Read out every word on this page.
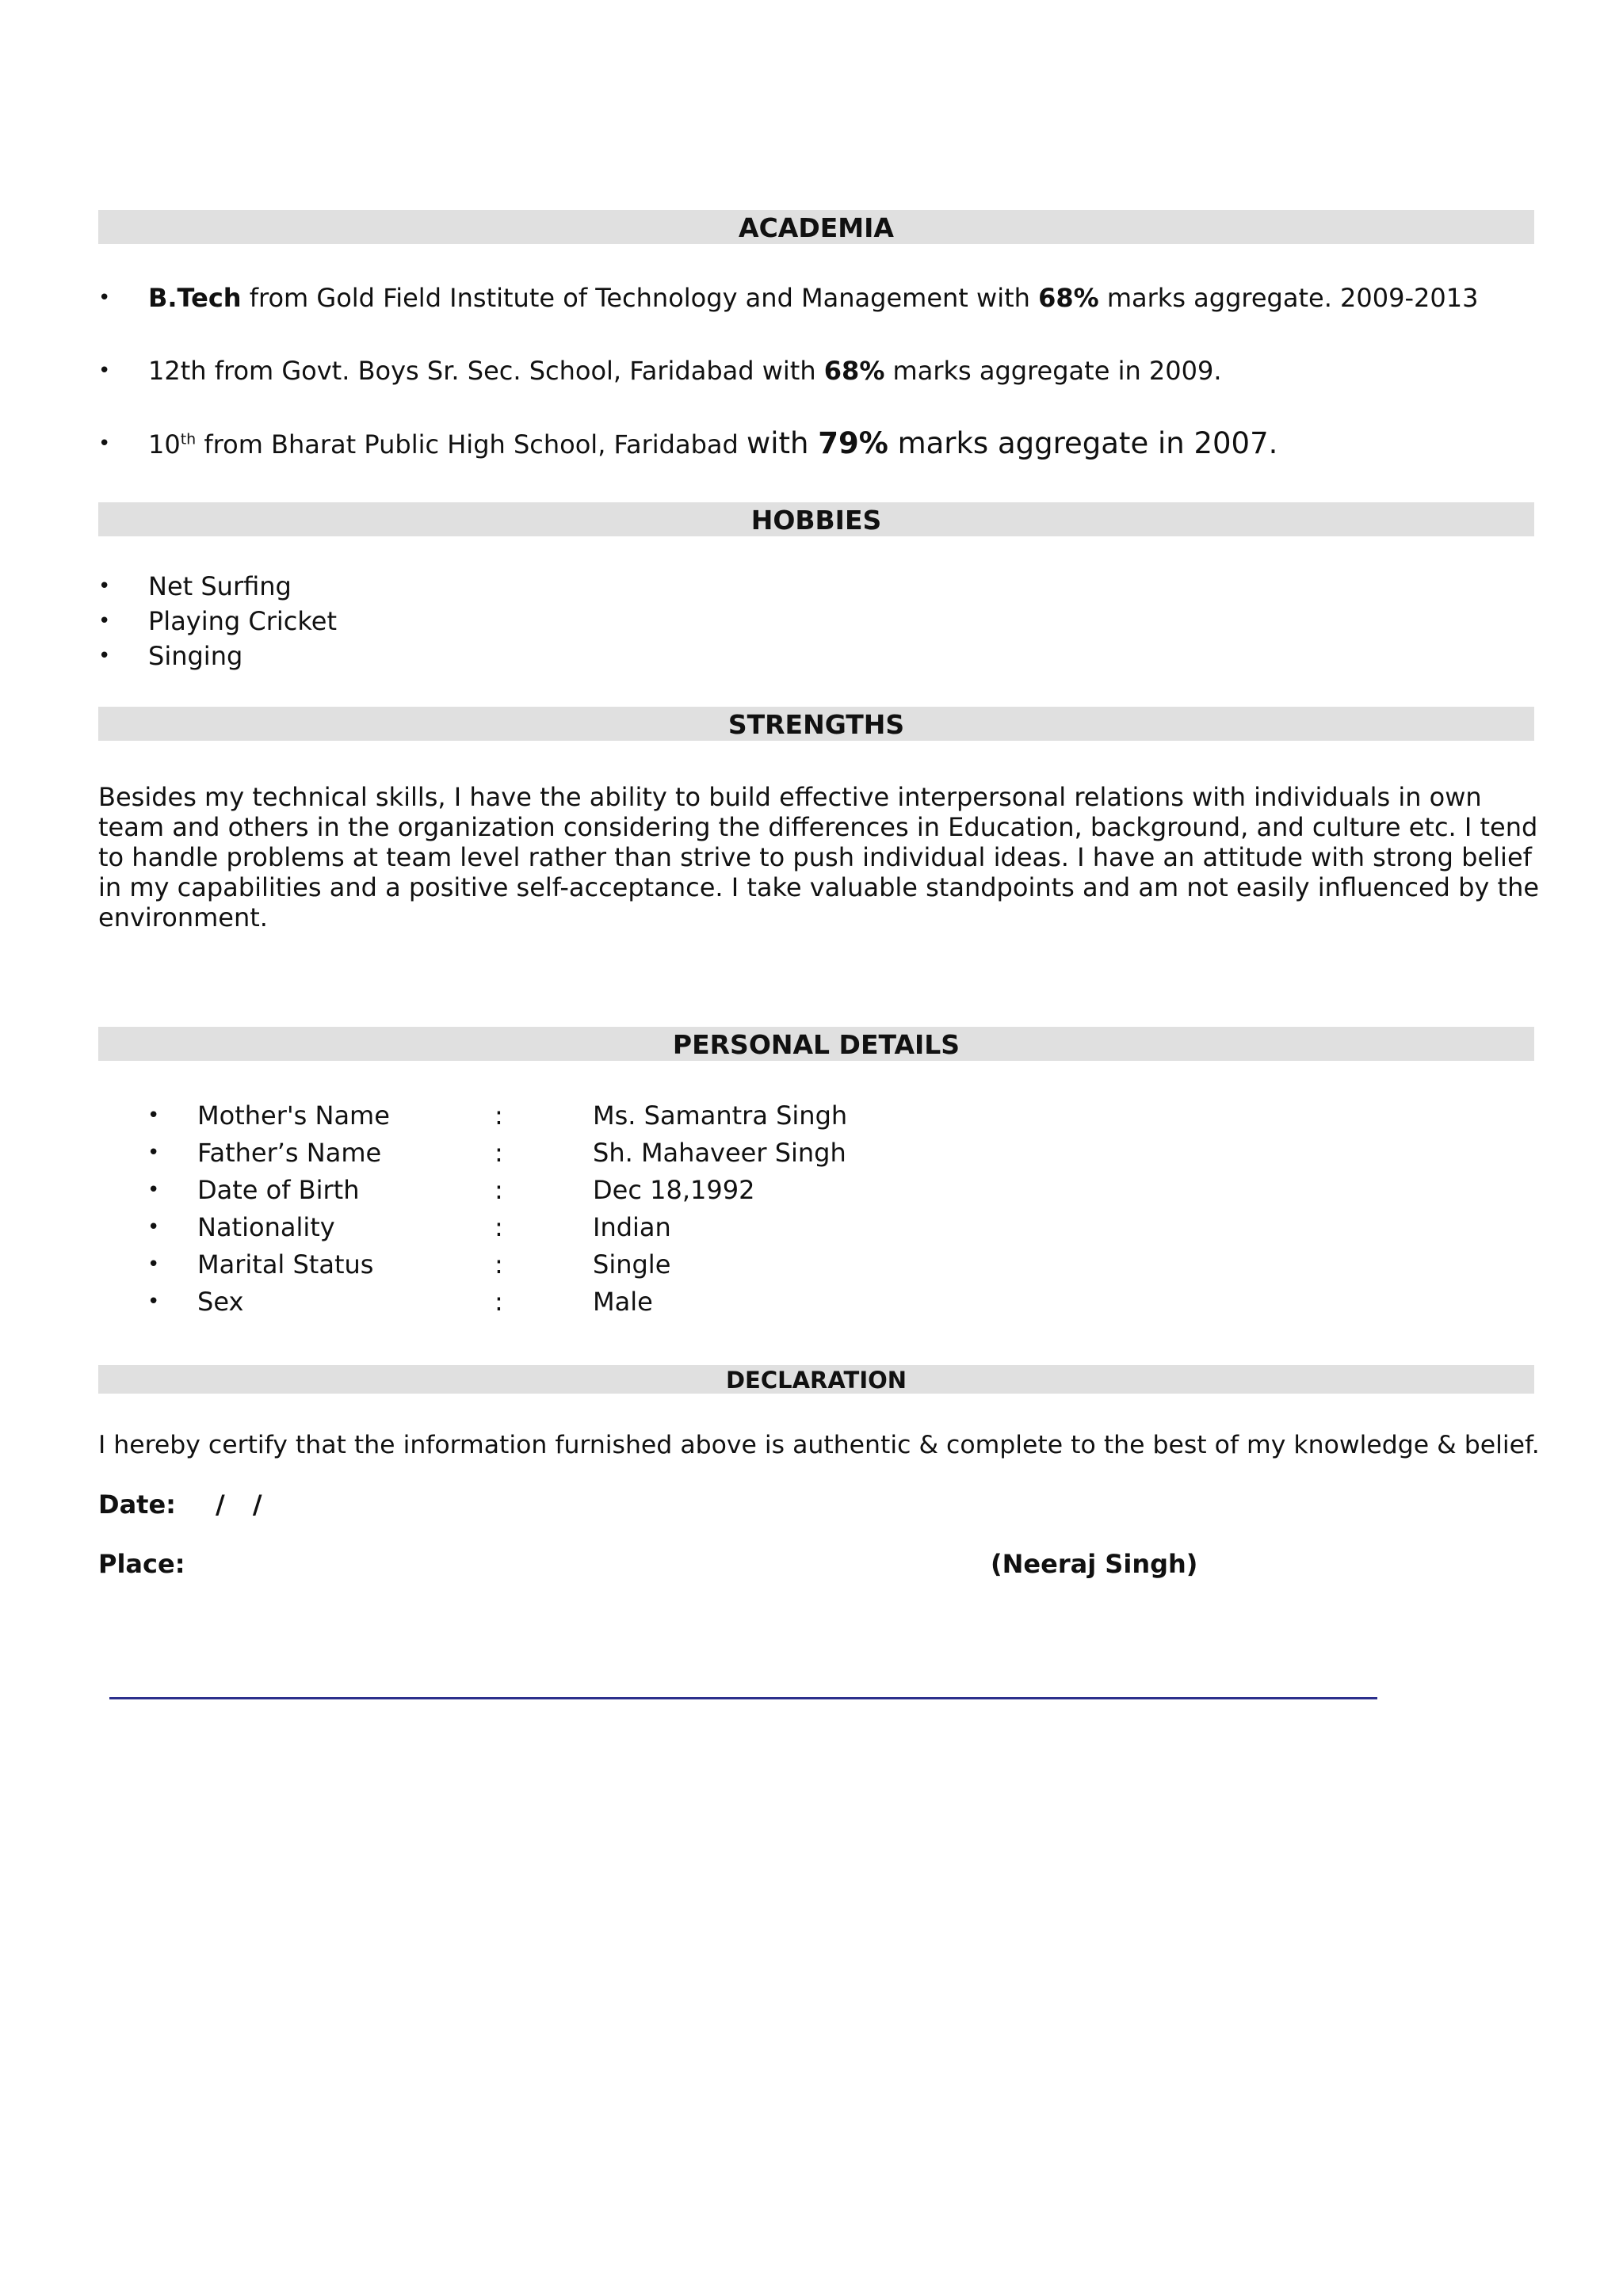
ACADEMIA
• B.Tech from Gold Field Institute of Technology and Management with 68% marks aggregate. 2009-2013
• 12th from Govt. Boys Sr. Sec. School, Faridabad with 68% marks aggregate in 2009.
• 10th from Bharat Public High School, Faridabad with 79% marks aggregate in 2007.
HOBBIES
• Net Surfing
• Playing Cricket
• Singing
STRENGTHS
Besides my technical skills, I have the ability to build effective interpersonal relations with individuals in own team and others in the organization considering the differences in Education, background, and culture etc. I tend to handle problems at team level rather than strive to push individual ideas. I have an attitude with strong belief in my capabilities and a positive self-acceptance. I take valuable standpoints and am not easily influenced by the environment.
PERSONAL DETAILS
• Mother's Name	:	Ms. Samantra Singh
• Father’s Name	:	Sh. Mahaveer Singh
• Date of Birth	:	Dec 18,1992
• Nationality	:	Indian
• Marital Status	:	Single
• Sex	:	Male
DECLARATION
I hereby certify that the information furnished above is authentic & complete to the best of my knowledge & belief.
Date: / /
Place:	(Neeraj Singh)
